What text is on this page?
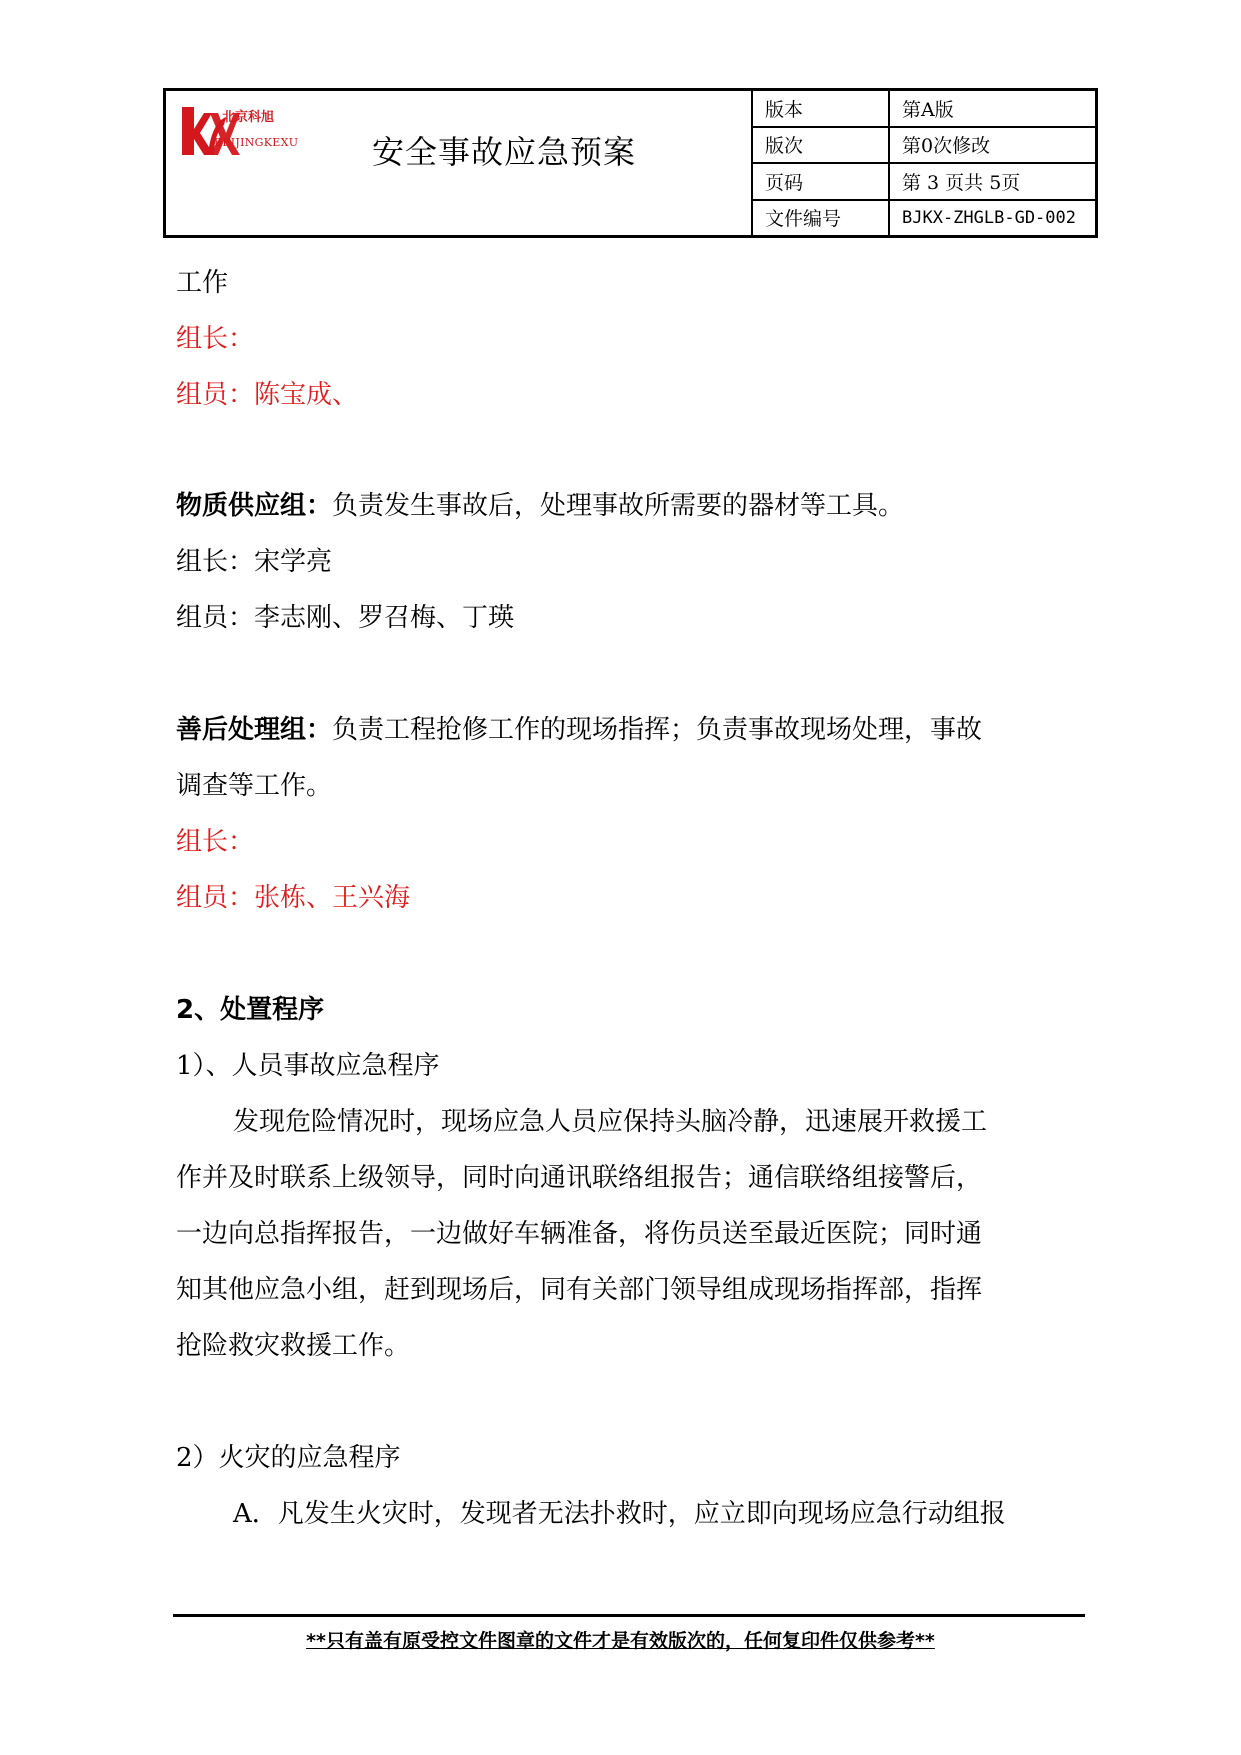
北京科旭
BEIJINGKEXU 安全事故应急预案
版本	第A版
版次	第0次修改
页码	第 3 页共 5页
文件编号	BJKX-ZHGLB-GD-002
工作
组长：
组员：陈宝成、
物质供应组：负责发生事故后，处理事故所需要的器材等工具。
组长：宋学亮
组员：李志刚、罗召梅、丁瑛
善后处理组：负责工程抢修工作的现场指挥；负责事故现场处理，事故
调查等工作。
组长：
组员：张栋、王兴海
2、处置程序
1）、人员事故应急程序
发现危险情况时，现场应急人员应保持头脑冷静，迅速展开救援工
作并及时联系上级领导，同时向通讯联络组报告；通信联络组接警后，
一边向总指挥报告，一边做好车辆准备，将伤员送至最近医院；同时通
知其他应急小组，赶到现场后，同有关部门领导组成现场指挥部，指挥
抢险救灾救援工作。
2）火灾的应急程序
A．凡发生火灾时，发现者无法扑救时，应立即向现场应急行动组报
**只有盖有原受控文件图章的文件才是有效版次的，任何复印件仅供参考**
